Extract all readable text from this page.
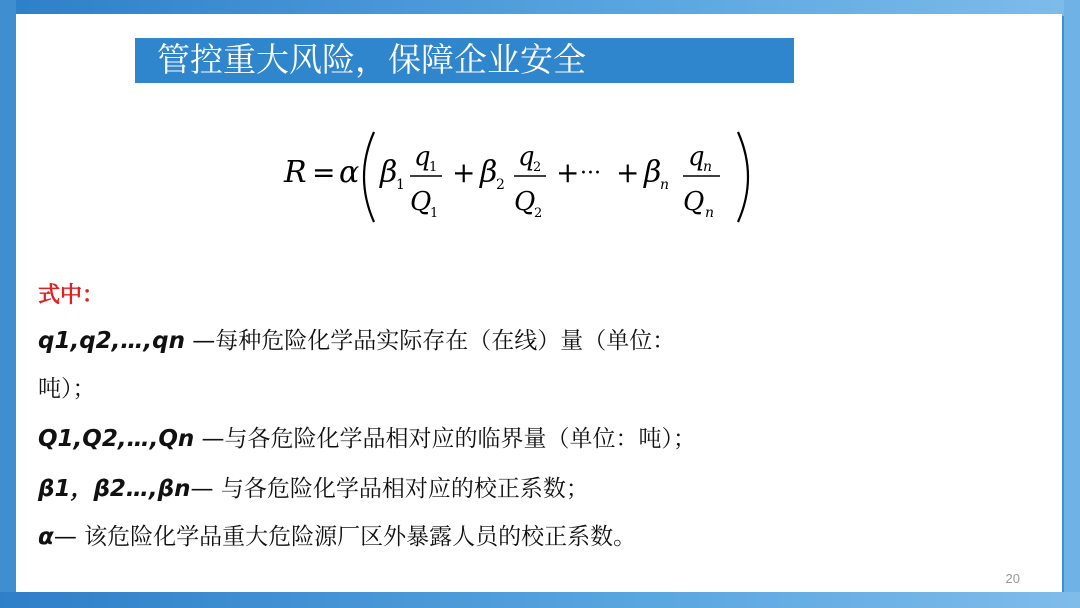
管控重大风险，保障企业安全
R = α β
1
q
1
Q
1
+ β
2
q
2
Q
2
+ ··· + β
n
q
n
Q n
式中：
q1,q2,…,qn —每种危险化学品实际存在（在线）量（单位：
吨）；
Q1,Q2,…,Qn —与各危险化学品相对应的临界量（单位：吨）；
β1，β2…,βn— 与各危险化学品相对应的校正系数；
α— 该危险化学品重大危险源厂区外暴露人员的校正系数。
20
